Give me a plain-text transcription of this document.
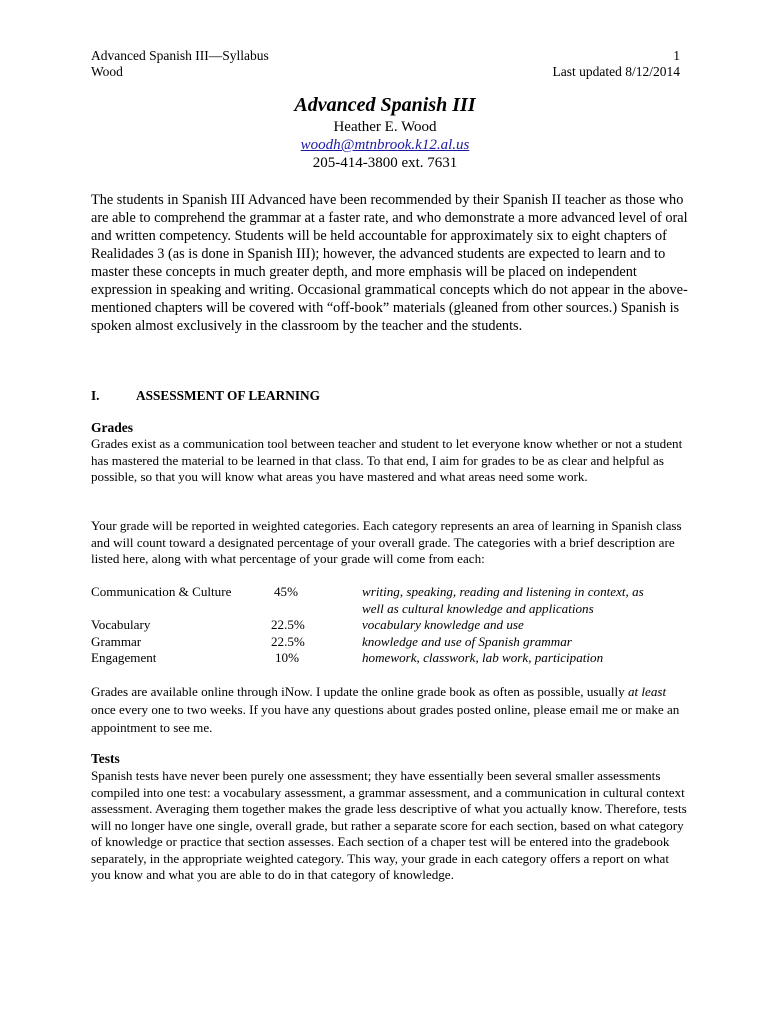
Advanced Spanish III—Syllabus
Wood
1
Last updated 8/12/2014
Advanced Spanish III
Heather E. Wood
woodh@mtnbrook.k12.al.us
205-414-3800 ext. 7631
The students in Spanish III Advanced have been recommended by their Spanish II teacher as those who are able to comprehend the grammar at a faster rate, and who demonstrate a more advanced level of oral and written competency. Students will be held accountable for approximately six to eight chapters of Realidades 3 (as is done in Spanish III); however, the advanced students are expected to learn and to master these concepts in much greater depth, and more emphasis will be placed on independent expression in speaking and writing. Occasional grammatical concepts which do not appear in the above-mentioned chapters will be covered with “off-book” materials (gleaned from other sources.) Spanish is spoken almost exclusively in the classroom by the teacher and the students.
I.	ASSESSMENT OF LEARNING
Grades
Grades exist as a communication tool between teacher and student to let everyone know whether or not a student has mastered the material to be learned in that class. To that end, I aim for grades to be as clear and helpful as possible, so that you will know what areas you have mastered and what areas need some work.
Your grade will be reported in weighted categories. Each category represents an area of learning in Spanish class and will count toward a designated percentage of your overall grade. The categories with a brief description are listed here, along with what percentage of your grade will come from each:
Communication & Culture	45%	writing, speaking, reading and listening in context, as
well as cultural knowledge and applications
Vocabulary	22.5%	vocabulary knowledge and use
Grammar	22.5%	knowledge and use of Spanish grammar
Engagement	10%	homework, classwork, lab work, participation
Grades are available online through iNow. I update the online grade book as often as possible, usually at least once every one to two weeks. If you have any questions about grades posted online, please email me or make an appointment to see me.
Tests
Spanish tests have never been purely one assessment; they have essentially been several smaller assessments compiled into one test: a vocabulary assessment, a grammar assessment, and a communication in cultural context assessment. Averaging them together makes the grade less descriptive of what you actually know. Therefore, tests will no longer have one single, overall grade, but rather a separate score for each section, based on what category of knowledge or practice that section assesses. Each section of a chaper test will be entered into the gradebook separately, in the appropriate weighted category. This way, your grade in each category offers a report on what you know and what you are able to do in that category of knowledge.
